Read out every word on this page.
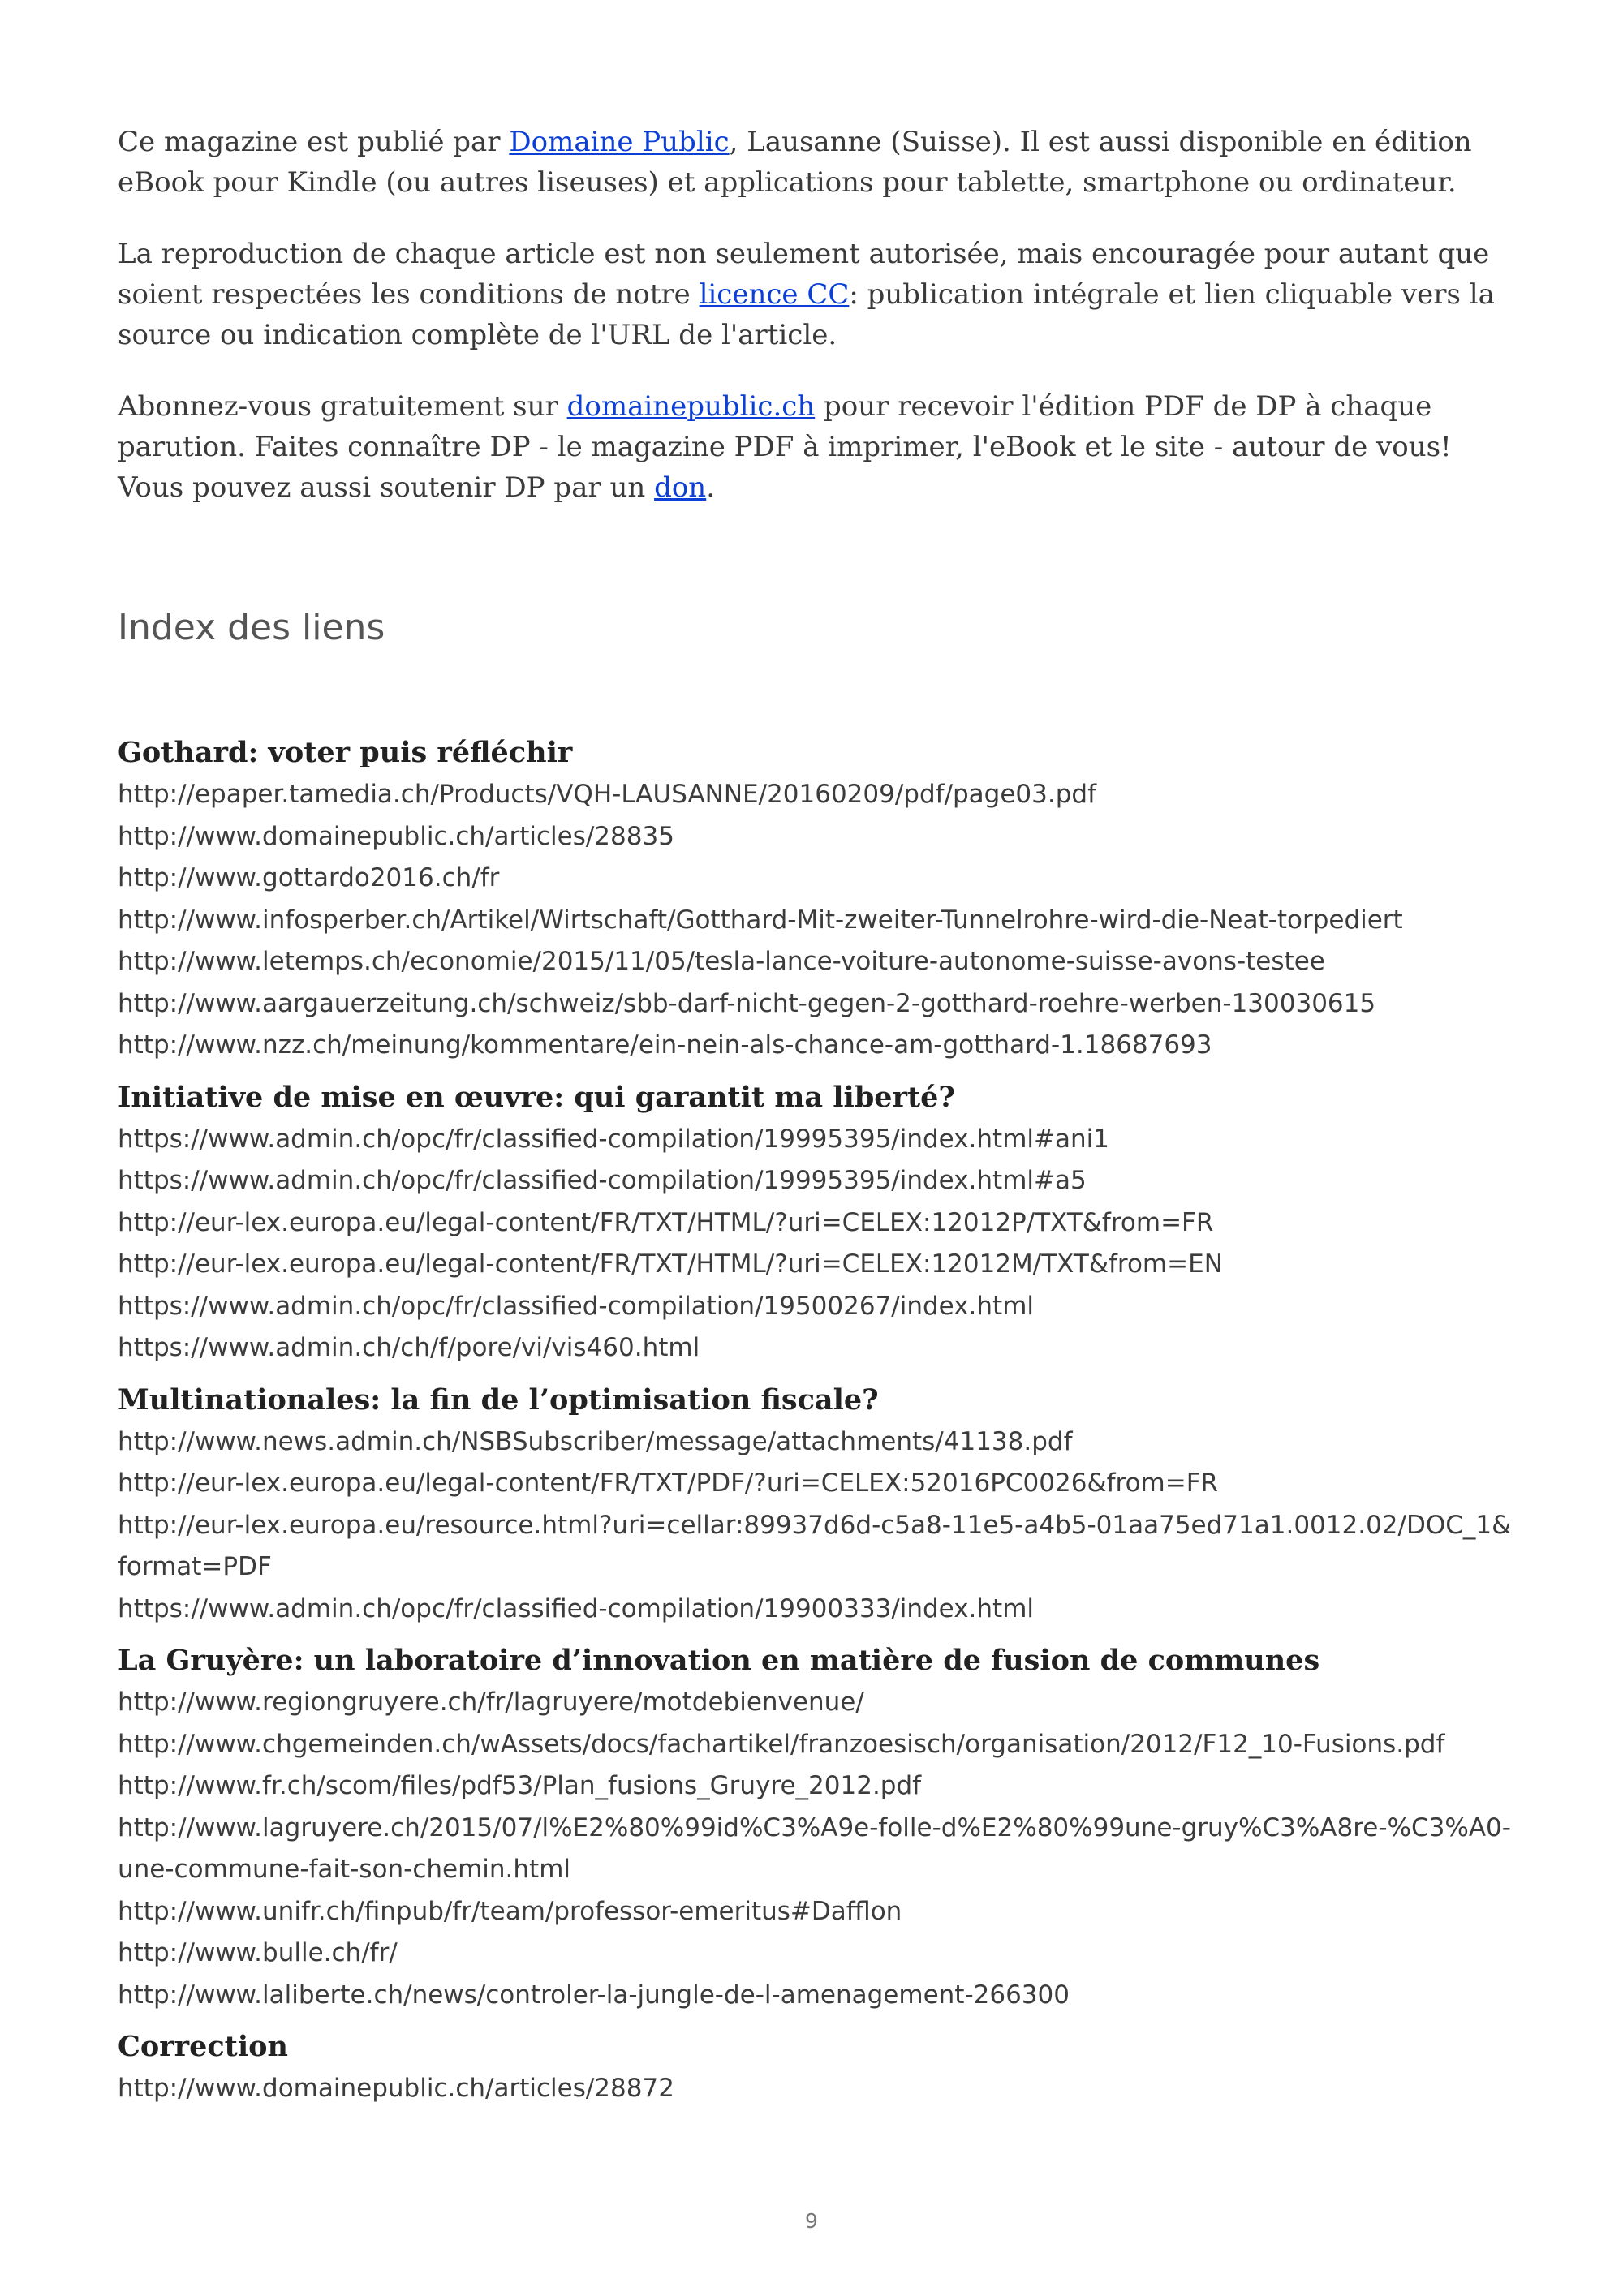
Ce magazine est publié par Domaine Public, Lausanne (Suisse). Il est aussi disponible en édition eBook pour Kindle (ou autres liseuses) et applications pour tablette, smartphone ou ordinateur.

La reproduction de chaque article est non seulement autorisée, mais encouragée pour autant que soient respectées les conditions de notre licence CC: publication intégrale et lien cliquable vers la source ou indication complète de l'URL de l'article.

Abonnez-vous gratuitement sur domainepublic.ch pour recevoir l'édition PDF de DP à chaque parution. Faites connaître DP - le magazine PDF à imprimer, l'eBook et le site - autour de vous! Vous pouvez aussi soutenir DP par un don.

Index des liens
Gothard: voter puis réfléchir
http://epaper.tamedia.ch/Products/VQH-LAUSANNE/20160209/pdf/page03.pdf
http://www.domainepublic.ch/articles/28835
http://www.gottardo2016.ch/fr
http://www.infosperber.ch/Artikel/Wirtschaft/Gotthard-Mit-zweiter-Tunnelrohre-wird-die-Neat-torpediert
http://www.letemps.ch/economie/2015/11/05/tesla-lance-voiture-autonome-suisse-avons-testee
http://www.aargauerzeitung.ch/schweiz/sbb-darf-nicht-gegen-2-gotthard-roehre-werben-130030615
http://www.nzz.ch/meinung/kommentare/ein-nein-als-chance-am-gotthard-1.18687693
Initiative de mise en œuvre: qui garantit ma liberté?
https://www.admin.ch/opc/fr/classified-compilation/19995395/index.html#ani1
https://www.admin.ch/opc/fr/classified-compilation/19995395/index.html#a5
http://eur-lex.europa.eu/legal-content/FR/TXT/HTML/?uri=CELEX:12012P/TXT&from=FR
http://eur-lex.europa.eu/legal-content/FR/TXT/HTML/?uri=CELEX:12012M/TXT&from=EN
https://www.admin.ch/opc/fr/classified-compilation/19500267/index.html
https://www.admin.ch/ch/f/pore/vi/vis460.html
Multinationales: la fin de l’optimisation fiscale?
http://www.news.admin.ch/NSBSubscriber/message/attachments/41138.pdf
http://eur-lex.europa.eu/legal-content/FR/TXT/PDF/?uri=CELEX:52016PC0026&from=FR
http://eur-lex.europa.eu/resource.html?uri=cellar:89937d6d-c5a8-11e5-a4b5-01aa75ed71a1.0012.02/DOC_1&format=PDF
https://www.admin.ch/opc/fr/classified-compilation/19900333/index.html
La Gruyère: un laboratoire d’innovation en matière de fusion de communes
http://www.regiongruyere.ch/fr/lagruyere/motdebienvenue/
http://www.chgemeinden.ch/wAssets/docs/fachartikel/franzoesisch/organisation/2012/F12_10-Fusions.pdf
http://www.fr.ch/scom/files/pdf53/Plan_fusions_Gruyre_2012.pdf
http://www.lagruyere.ch/2015/07/l%E2%80%99id%C3%A9e-folle-d%E2%80%99une-gruy%C3%A8re-%C3%A0-une-commune-fait-son-chemin.html
http://www.unifr.ch/finpub/fr/team/professor-emeritus#Dafflon
http://www.bulle.ch/fr/
http://www.laliberte.ch/news/controler-la-jungle-de-l-amenagement-266300
Correction
http://www.domainepublic.ch/articles/28872
9
